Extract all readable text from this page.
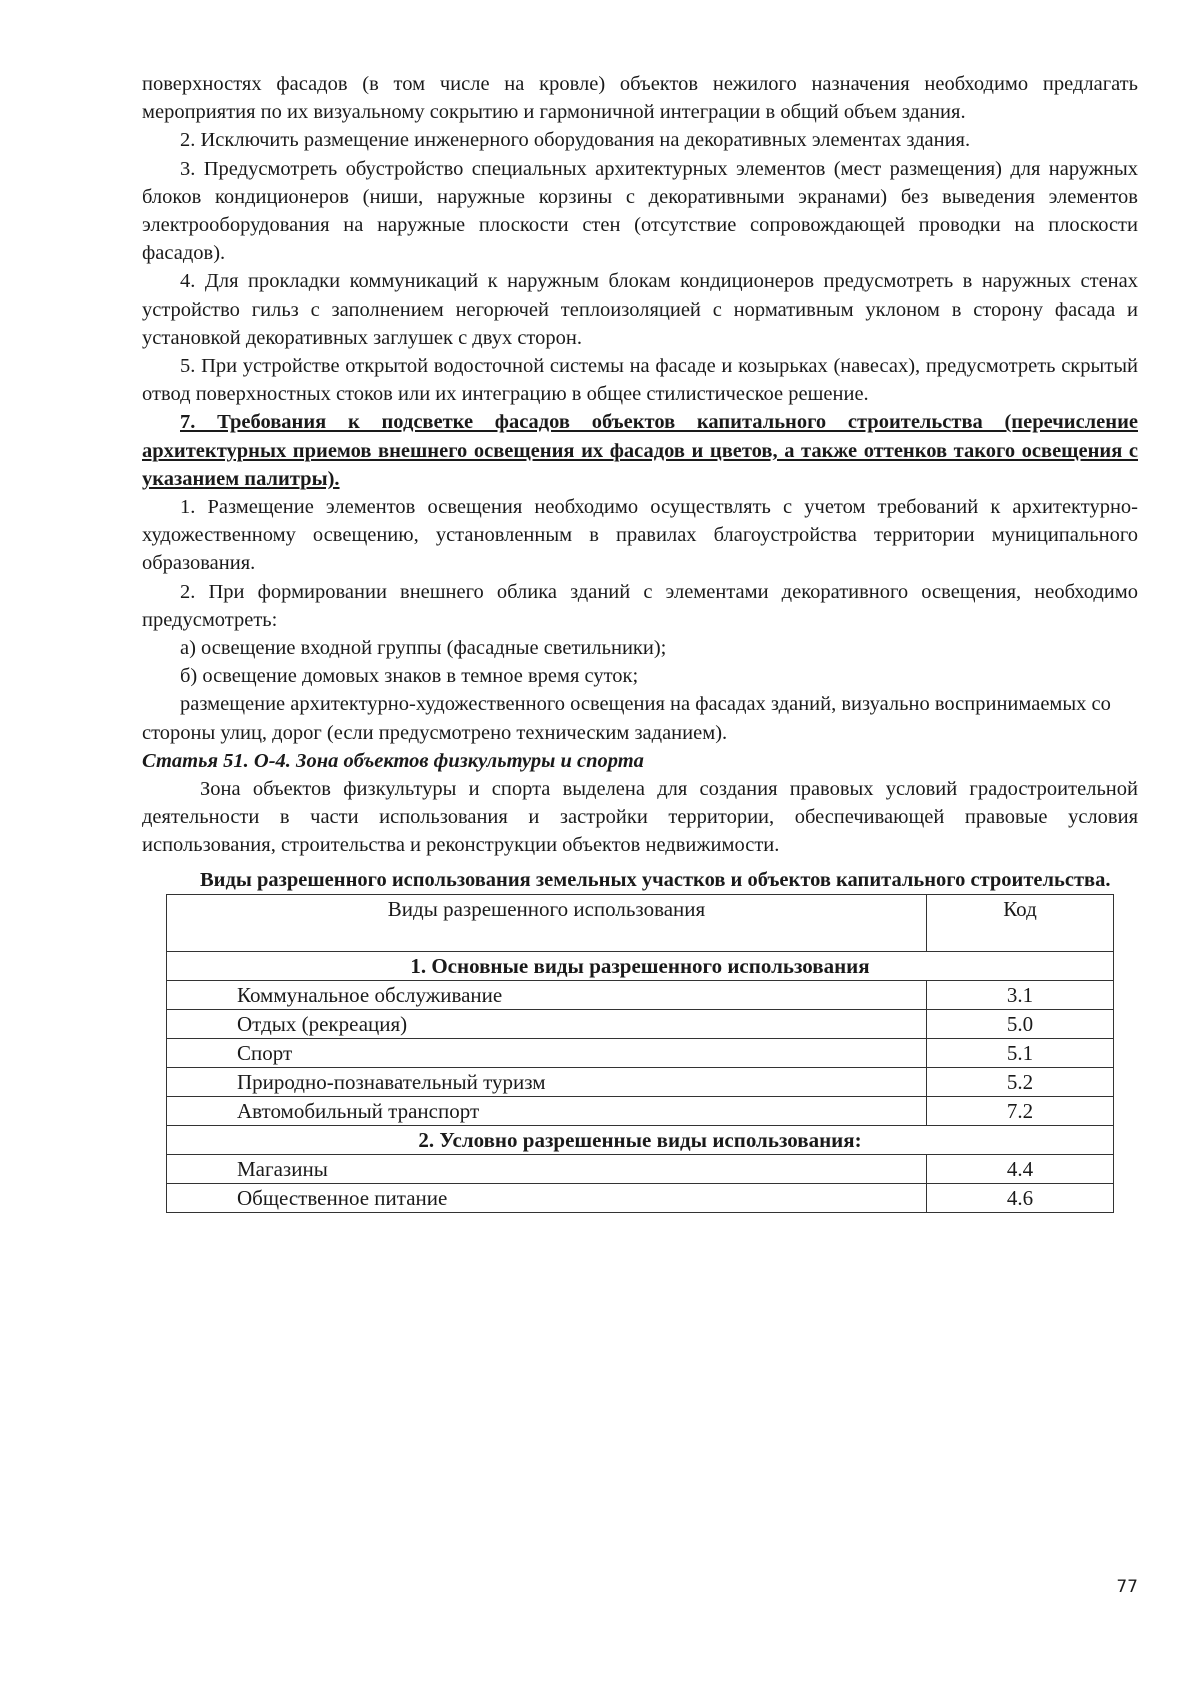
поверхностях фасадов (в том числе на кровле) объектов нежилого назначения необходимо предлагать мероприятия по их визуальному сокрытию и гармоничной интеграции в общий объем здания.

2. Исключить размещение инженерного оборудования на декоративных элементах здания.

3. Предусмотреть обустройство специальных архитектурных элементов (мест размещения) для наружных блоков кондиционеров (ниши, наружные корзины с декоративными экранами) без выведения элементов электрооборудования на наружные плоскости стен (отсутствие сопровождающей проводки на плоскости фасадов).

4. Для прокладки коммуникаций к наружным блокам кондиционеров предусмотреть в наружных стенах устройство гильз с заполнением негорючей теплоизоляцией с нормативным уклоном в сторону фасада и установкой декоративных заглушек с двух сторон.

5. При устройстве открытой водосточной системы на фасаде и козырьках (навесах), предусмотреть скрытый отвод поверхностных стоков или их интеграцию в общее стилистическое решение.

7. Требования к подсветке фасадов объектов капитального строительства (перечисление архитектурных приемов внешнего освещения их фасадов и цветов, а также оттенков такого освещения с указанием палитры).

1. Размещение элементов освещения необходимо осуществлять с учетом требований к архитектурно-художественному освещению, установленным в правилах благоустройства территории муниципального образования.

2. При формировании внешнего облика зданий с элементами декоративного освещения, необходимо предусмотреть:

а) освещение входной группы (фасадные светильники);

б) освещение домовых знаков в темное время суток;

размещение архитектурно-художественного освещения на фасадах зданий, визуально воспринимаемых со стороны улиц, дорог (если предусмотрено техническим заданием).

Статья 51. О-4. Зона объектов физкультуры и спорта

Зона объектов физкультуры и спорта выделена для создания правовых условий градостроительной деятельности в части использования и застройки территории, обеспечивающей правовые условия использования, строительства и реконструкции объектов недвижимости.

Виды разрешенного использования земельных участков и объектов капитального строительства.

Виды разрешенного использования	Код
1. Основные виды разрешенного использования	
Коммунальное обслуживание	3.1
Отдых (рекреация)	5.0
Спорт	5.1
Природно-познавательный туризм	5.2
Автомобильный транспорт	7.2
2. Условно разрешенные виды использования:	
Магазины	4.4
Общественное питание	4.6
77
